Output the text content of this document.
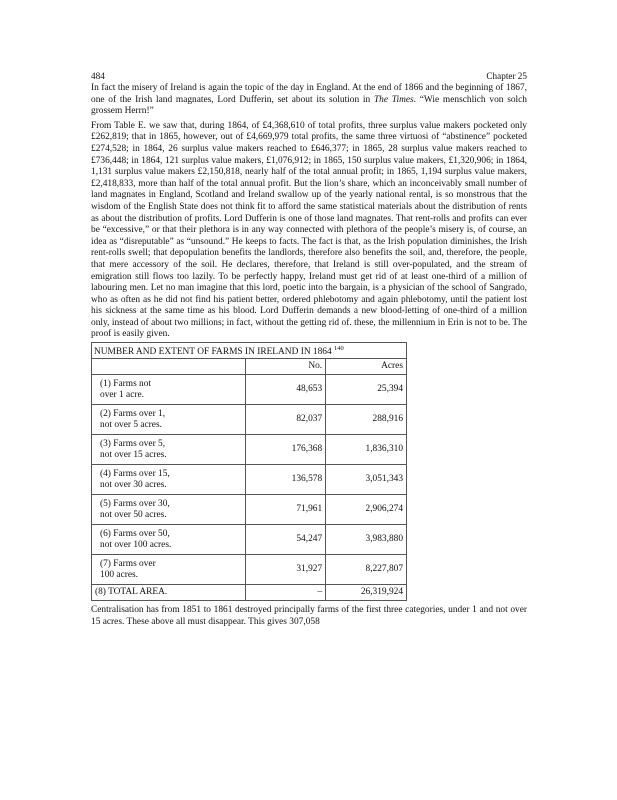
484	Chapter 25

In fact the misery of Ireland is again the topic of the day in England. At the end of 1866 and the beginning of 1867, one of the Irish land magnates, Lord Dufferin, set about its solution in The Times. “Wie menschlich von solch grossem Herrn!”

From Table E. we saw that, during 1864, of £4,368,610 of total profits, three surplus value makers pocketed only £262,819; that in 1865, however, out of £4,669,979 total profits, the same three virtuosi of “abstinence” pocketed £274,528; in 1864, 26 surplus value makers reached to £646,377; in 1865, 28 surplus value makers reached to £736,448; in 1864, 121 surplus value makers, £1,076,912; in 1865, 150 surplus value makers, £1,320,906; in 1864, 1,131 surplus value makers £2,150,818, nearly half of the total annual profit; in 1865, 1,194 surplus value makers, £2,418,833, more than half of the total annual profit. But the lion’s share, which an inconceivably small number of land magnates in England, Scotland and Ireland swallow up of the yearly national rental, is so monstrous that the wisdom of the English State does not think fit to afford the same statistical materials about the distribution of rents as about the distribution of profits. Lord Dufferin is one of those land magnates. That rent-rolls and profits can ever be “excessive,” or that their plethora is in any way connected with plethora of the people’s misery is, of course, an idea as “disreputable” as “unsound.” He keeps to facts. The fact is that, as the Irish population diminishes, the Irish rent-rolls swell; that depopulation benefits the landlords, therefore also benefits the soil, and, therefore, the people, that mere accessory of the soil. He declares, therefore, that Ireland is still over-populated, and the stream of emigration still flows too lazily. To be perfectly happy, Ireland must get rid of at least one-third of a million of labouring men. Let no man imagine that this lord, poetic into the bargain, is a physician of the school of Sangrado, who as often as he did not find his patient better, ordered phlebotomy and again phlebotomy, until the patient lost his sickness at the same time as his blood. Lord Dufferin demands a new blood-letting of one-third of a million only, instead of about two millions; in fact, without the getting rid of. these, the millennium in Erin is not to be. The proof is easily given.

NUMBER AND EXTENT OF FARMS IN IRELAND IN 1864 $^{140}$
	No.	Acres
(1) Farms not
over 1 acre.	48,653	25,394
(2) Farms over 1,
not over 5 acres.	82,037	288,916
(3) Farms over 5,
not over 15 acres.	176,368	1,836,310
(4) Farms over 15,
not over 30 acres.	136,578	3,051,343
(5) Farms over 30,
not over 50 acres.	71,961	2,906,274
(6) Farms over 50,
not over 100 acres.	54,247	3,983,880
(7) Farms over
100 acres.	31,927	8,227,807
(8) TOTAL AREA.	–	26,319,924

Centralisation has from 1851 to 1861 destroyed principally farms of the first three categories, under 1 and not over 15 acres. These above all must disappear. This gives 307,058
